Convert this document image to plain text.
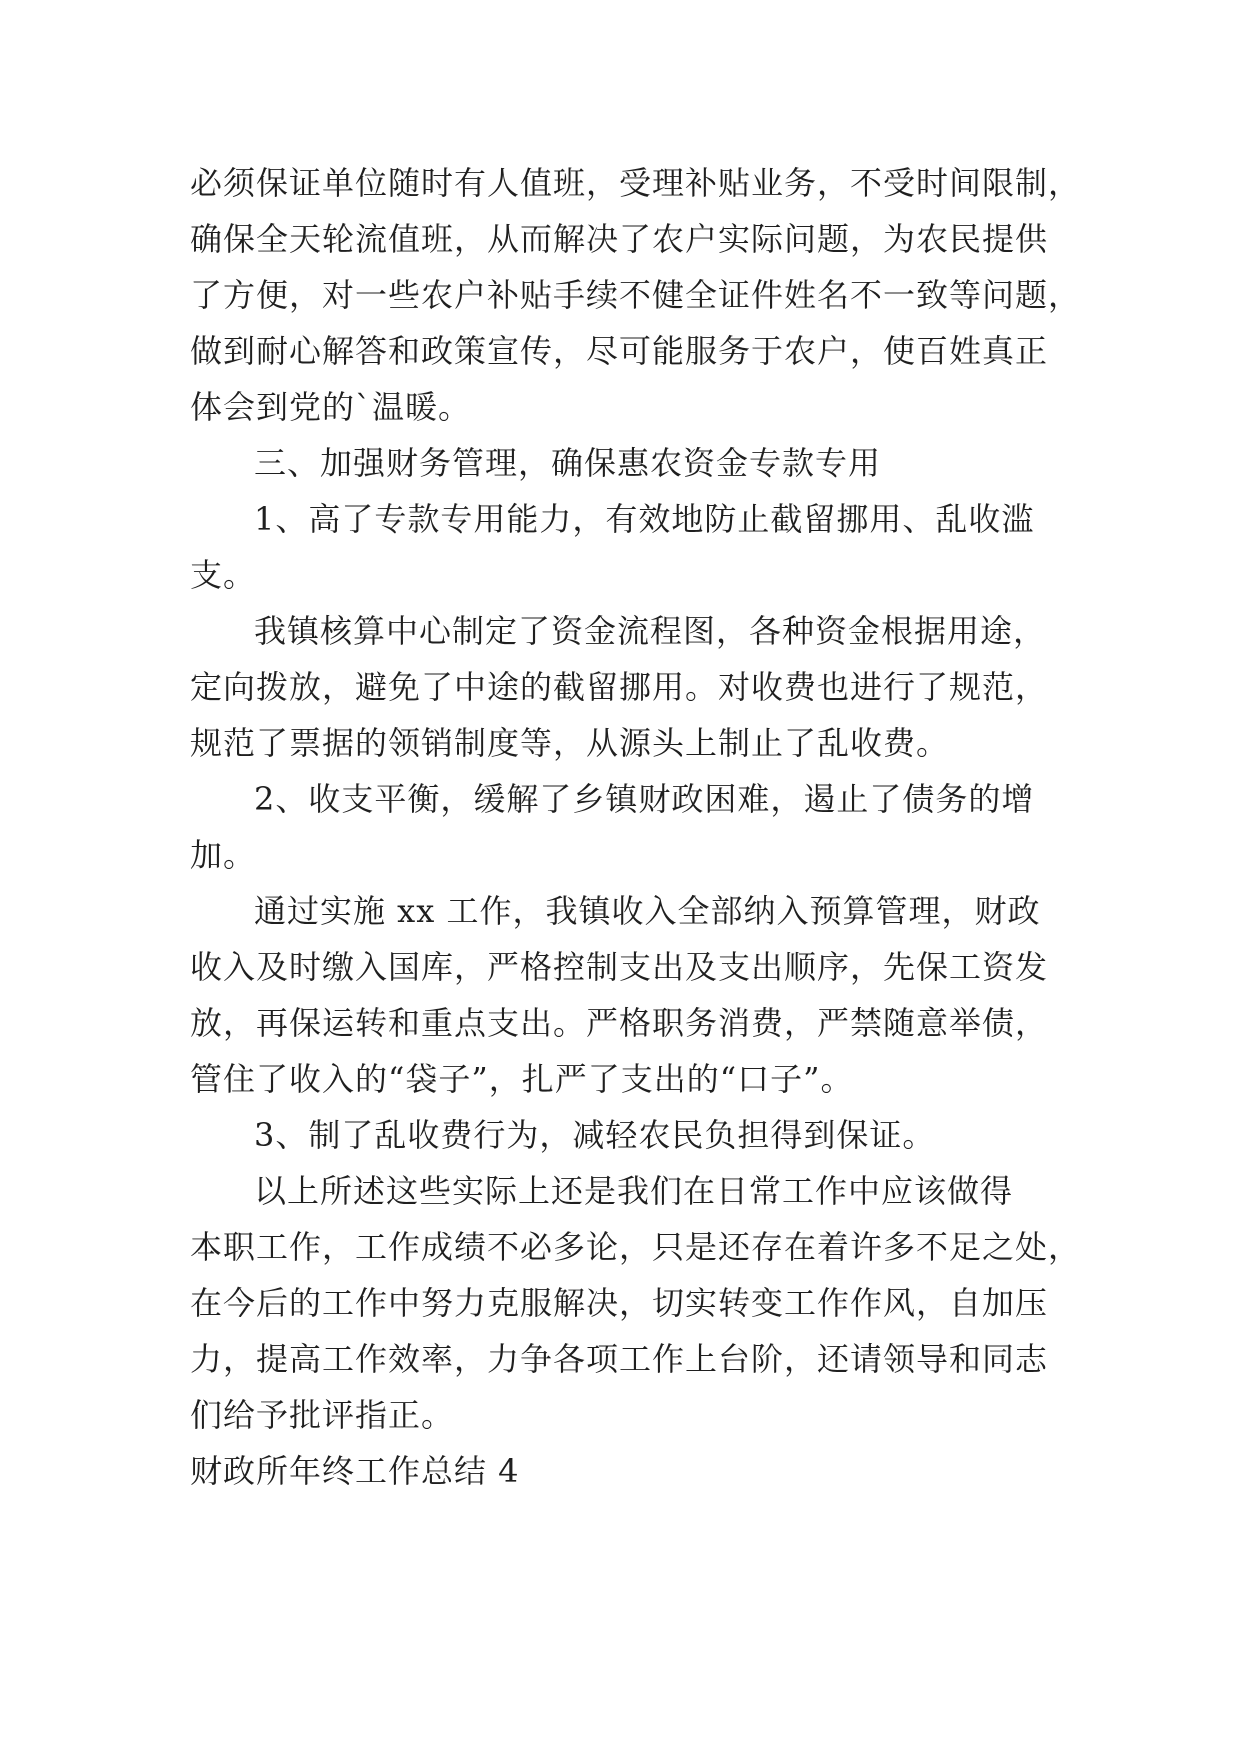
必须保证单位随时有人值班，受理补贴业务，不受时间限制，
确保全天轮流值班，从而解决了农户实际问题，为农民提供
了方便，对一些农户补贴手续不健全证件姓名不一致等问题，
做到耐心解答和政策宣传，尽可能服务于农户，使百姓真正
体会到党的`温暖。
三、加强财务管理，确保惠农资金专款专用
1、高了专款专用能力，有效地防止截留挪用、乱收滥
支。
我镇核算中心制定了资金流程图，各种资金根据用途，
定向拨放，避免了中途的截留挪用。对收费也进行了规范，
规范了票据的领销制度等，从源头上制止了乱收费。
2、收支平衡，缓解了乡镇财政困难，遏止了债务的增
加。
通过实施 xx 工作，我镇收入全部纳入预算管理，财政
收入及时缴入国库，严格控制支出及支出顺序，先保工资发
放，再保运转和重点支出。严格职务消费，严禁随意举债，
管住了收入的“袋子”，扎严了支出的“口子”。
3、制了乱收费行为，减轻农民负担得到保证。
以上所述这些实际上还是我们在日常工作中应该做得
本职工作，工作成绩不必多论，只是还存在着许多不足之处，
在今后的工作中努力克服解决，切实转变工作作风，自加压
力，提高工作效率，力争各项工作上台阶，还请领导和同志
们给予批评指正。
财政所年终工作总结 4
